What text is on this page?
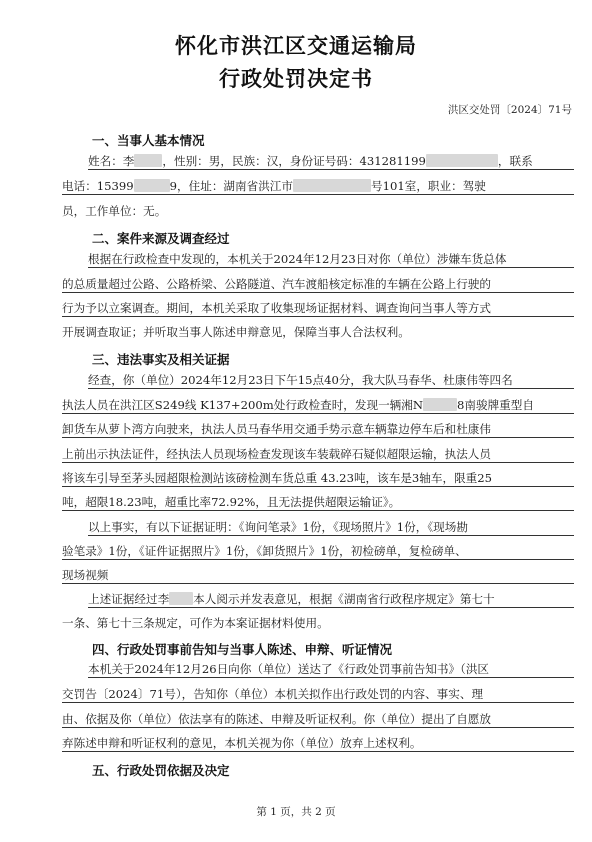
怀化市洪江区交通运输局
行政处罚决定书
洪区交处罚〔2024〕71号
一、当事人基本情况
姓名：李 ，性别：男，民族：汉，身份证号码：431281199	，联系
电话：15399	9，住址：湖南省洪江市	号101室，职业：驾驶
员，工作单位：无。
二、案件来源及调查经过
根据在行政检查中发现的，本机关于2024年12月23日对你（单位）涉嫌车货总体
的总质量超过公路、公路桥梁、公路隧道、汽车渡船核定标准的车辆在公路上行驶的
行为予以立案调查。期间，本机关采取了收集现场证据材料、调查询问当事人等方式
开展调查取证；并听取当事人陈述申辩意见，保障当事人合法权利。
三、违法事实及相关证据
经查，你（单位）2024年12月23日下午15点40分，我大队马春华、杜康伟等四名
执法人员在洪江区S249线 K137+200m处行政检查时，发现一辆湘N	8南骏牌重型自
卸货车从萝卜湾方向驶来，执法人员马春华用交通手势示意车辆靠边停车后和杜康伟
上前出示执法证件，经执法人员现场检查发现该车装载碎石疑似超限运输，执法人员
将该车引导至茅头园超限检测站该磅检测车货总重 43.23吨，该车是3轴车，限重25
吨，超限18.23吨，超重比率72.92%，且无法提供超限运输证》。
以上事实，有以下证据证明：《询问笔录》1份，《现场照片》1份，《现场勘
验笔录》1份，《证件证据照片》1份，《卸货照片》1份，初检磅单，复检磅单、
现场视频
上述证据经过李 本人阅示并发表意见，根据《湖南省行政程序规定》第七十
一条、第七十三条规定，可作为本案证据材料使用。
四、行政处罚事前告知与当事人陈述、申辩、听证情况
本机关于2024年12月26日向你（单位）送达了《行政处罚事前告知书》（洪区
交罚告〔2024〕71号），告知你（单位）本机关拟作出行政处罚的内容、事实、理
由、依据及你（单位）依法享有的陈述、申辩及听证权利。你（单位）提出了自愿放
弃陈述申辩和听证权利的意见，本机关视为你（单位）放弃上述权利。
五、行政处罚依据及决定
第 1 页，共 2 页
